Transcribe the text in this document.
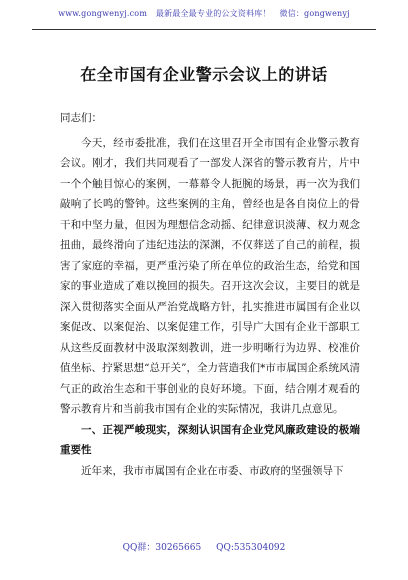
www.gongwenyj.com 最新最全最专业的公文资料库！ 微信：gongwenyj
在全市国有企业警示会议上的讲话

同志们：

今天，经市委批准，我们在这里召开全市国有企业警示教育会议。刚才，我们共同观看了一部发人深省的警示教育片，片中一个个触目惊心的案例，一幕幕令人扼腕的场景，再一次为我们敲响了长鸣的警钟。这些案例的主角，曾经也是各自岗位上的骨干和中坚力量，但因为理想信念动摇、纪律意识淡薄、权力观念扭曲，最终滑向了违纪违法的深渊，不仅葬送了自己的前程，损害了家庭的幸福，更严重污染了所在单位的政治生态，给党和国家的事业造成了难以挽回的损失。召开这次会议，主要目的就是深入贯彻落实全面从严治党战略方针，扎实推进市属国有企业以案促改、以案促治、以案促建工作，引导广大国有企业干部职工从这些反面教材中汲取深刻教训，进一步明晰行为边界、校准价值坐标、拧紧思想“总开关”，全力营造我们*市市属国企系统风清气正的政治生态和干事创业的良好环境。下面，结合刚才观看的警示教育片和当前我市国有企业的实际情况，我讲几点意见。

一、正视严峻现实，深刻认识国有企业党风廉政建设的极端重要性

近年来，我市市属国有企业在市委、市政府的坚强领导下

QQ群：30265665 QQ:535304092
